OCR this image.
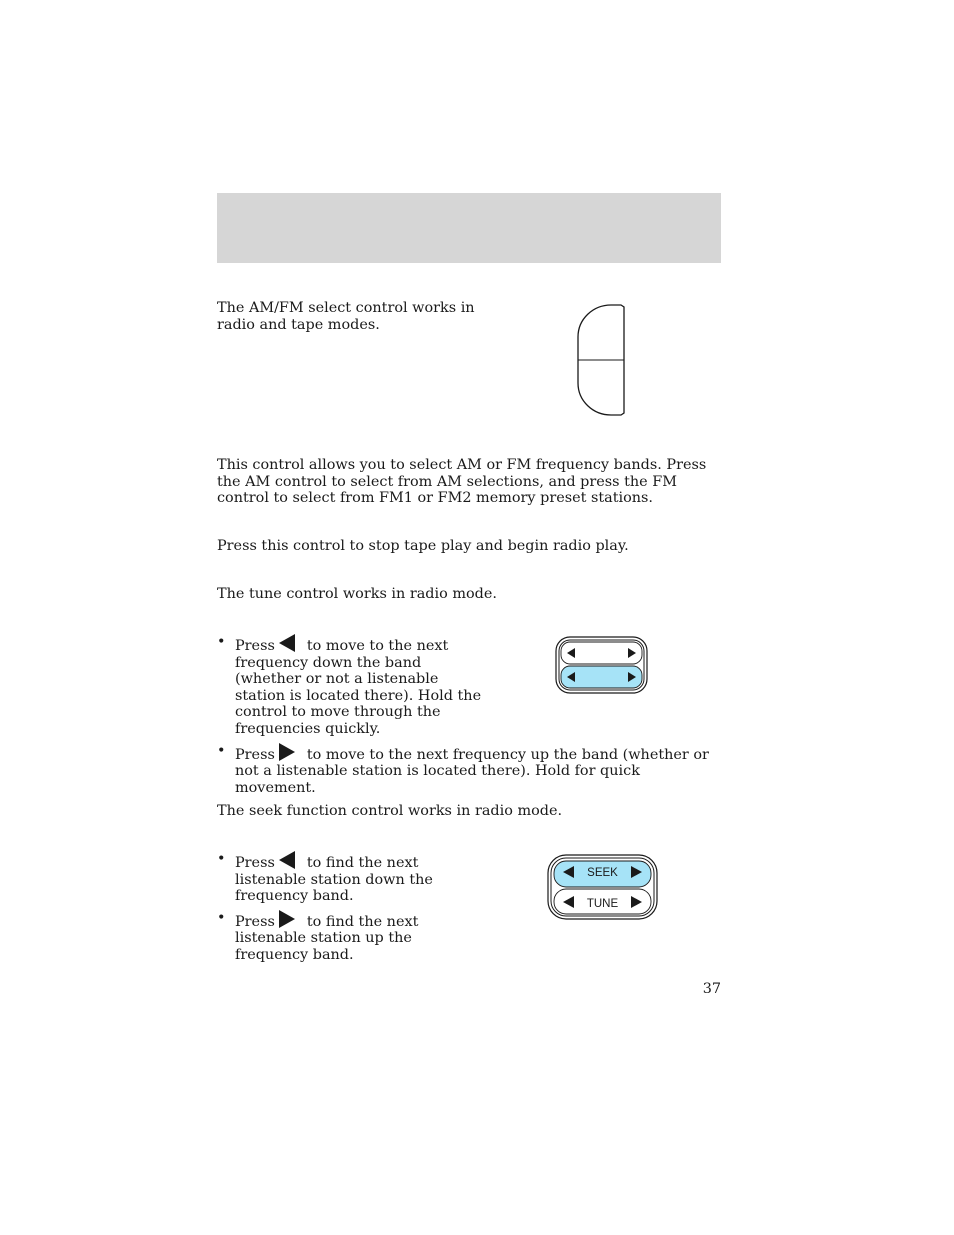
The AM/FM select control works in radio and tape modes.

This control allows you to select AM or FM frequency bands. Press the AM control to select from AM selections, and press the FM control to select from FM1 or FM2 memory preset stations.

Press this control to stop tape play and begin radio play.

The tune control works in radio mode.

• Press to move to the next frequency down the band (whether or not a listenable station is located there). Hold the control to move through the frequencies quickly.
• Press to move to the next frequency up the band (whether or not a listenable station is located there). Hold for quick movement.

The seek function control works in radio mode.

• Press to find the next listenable station down the frequency band.
• Press to find the next listenable station up the frequency band.
SEEK
TUNE
37
